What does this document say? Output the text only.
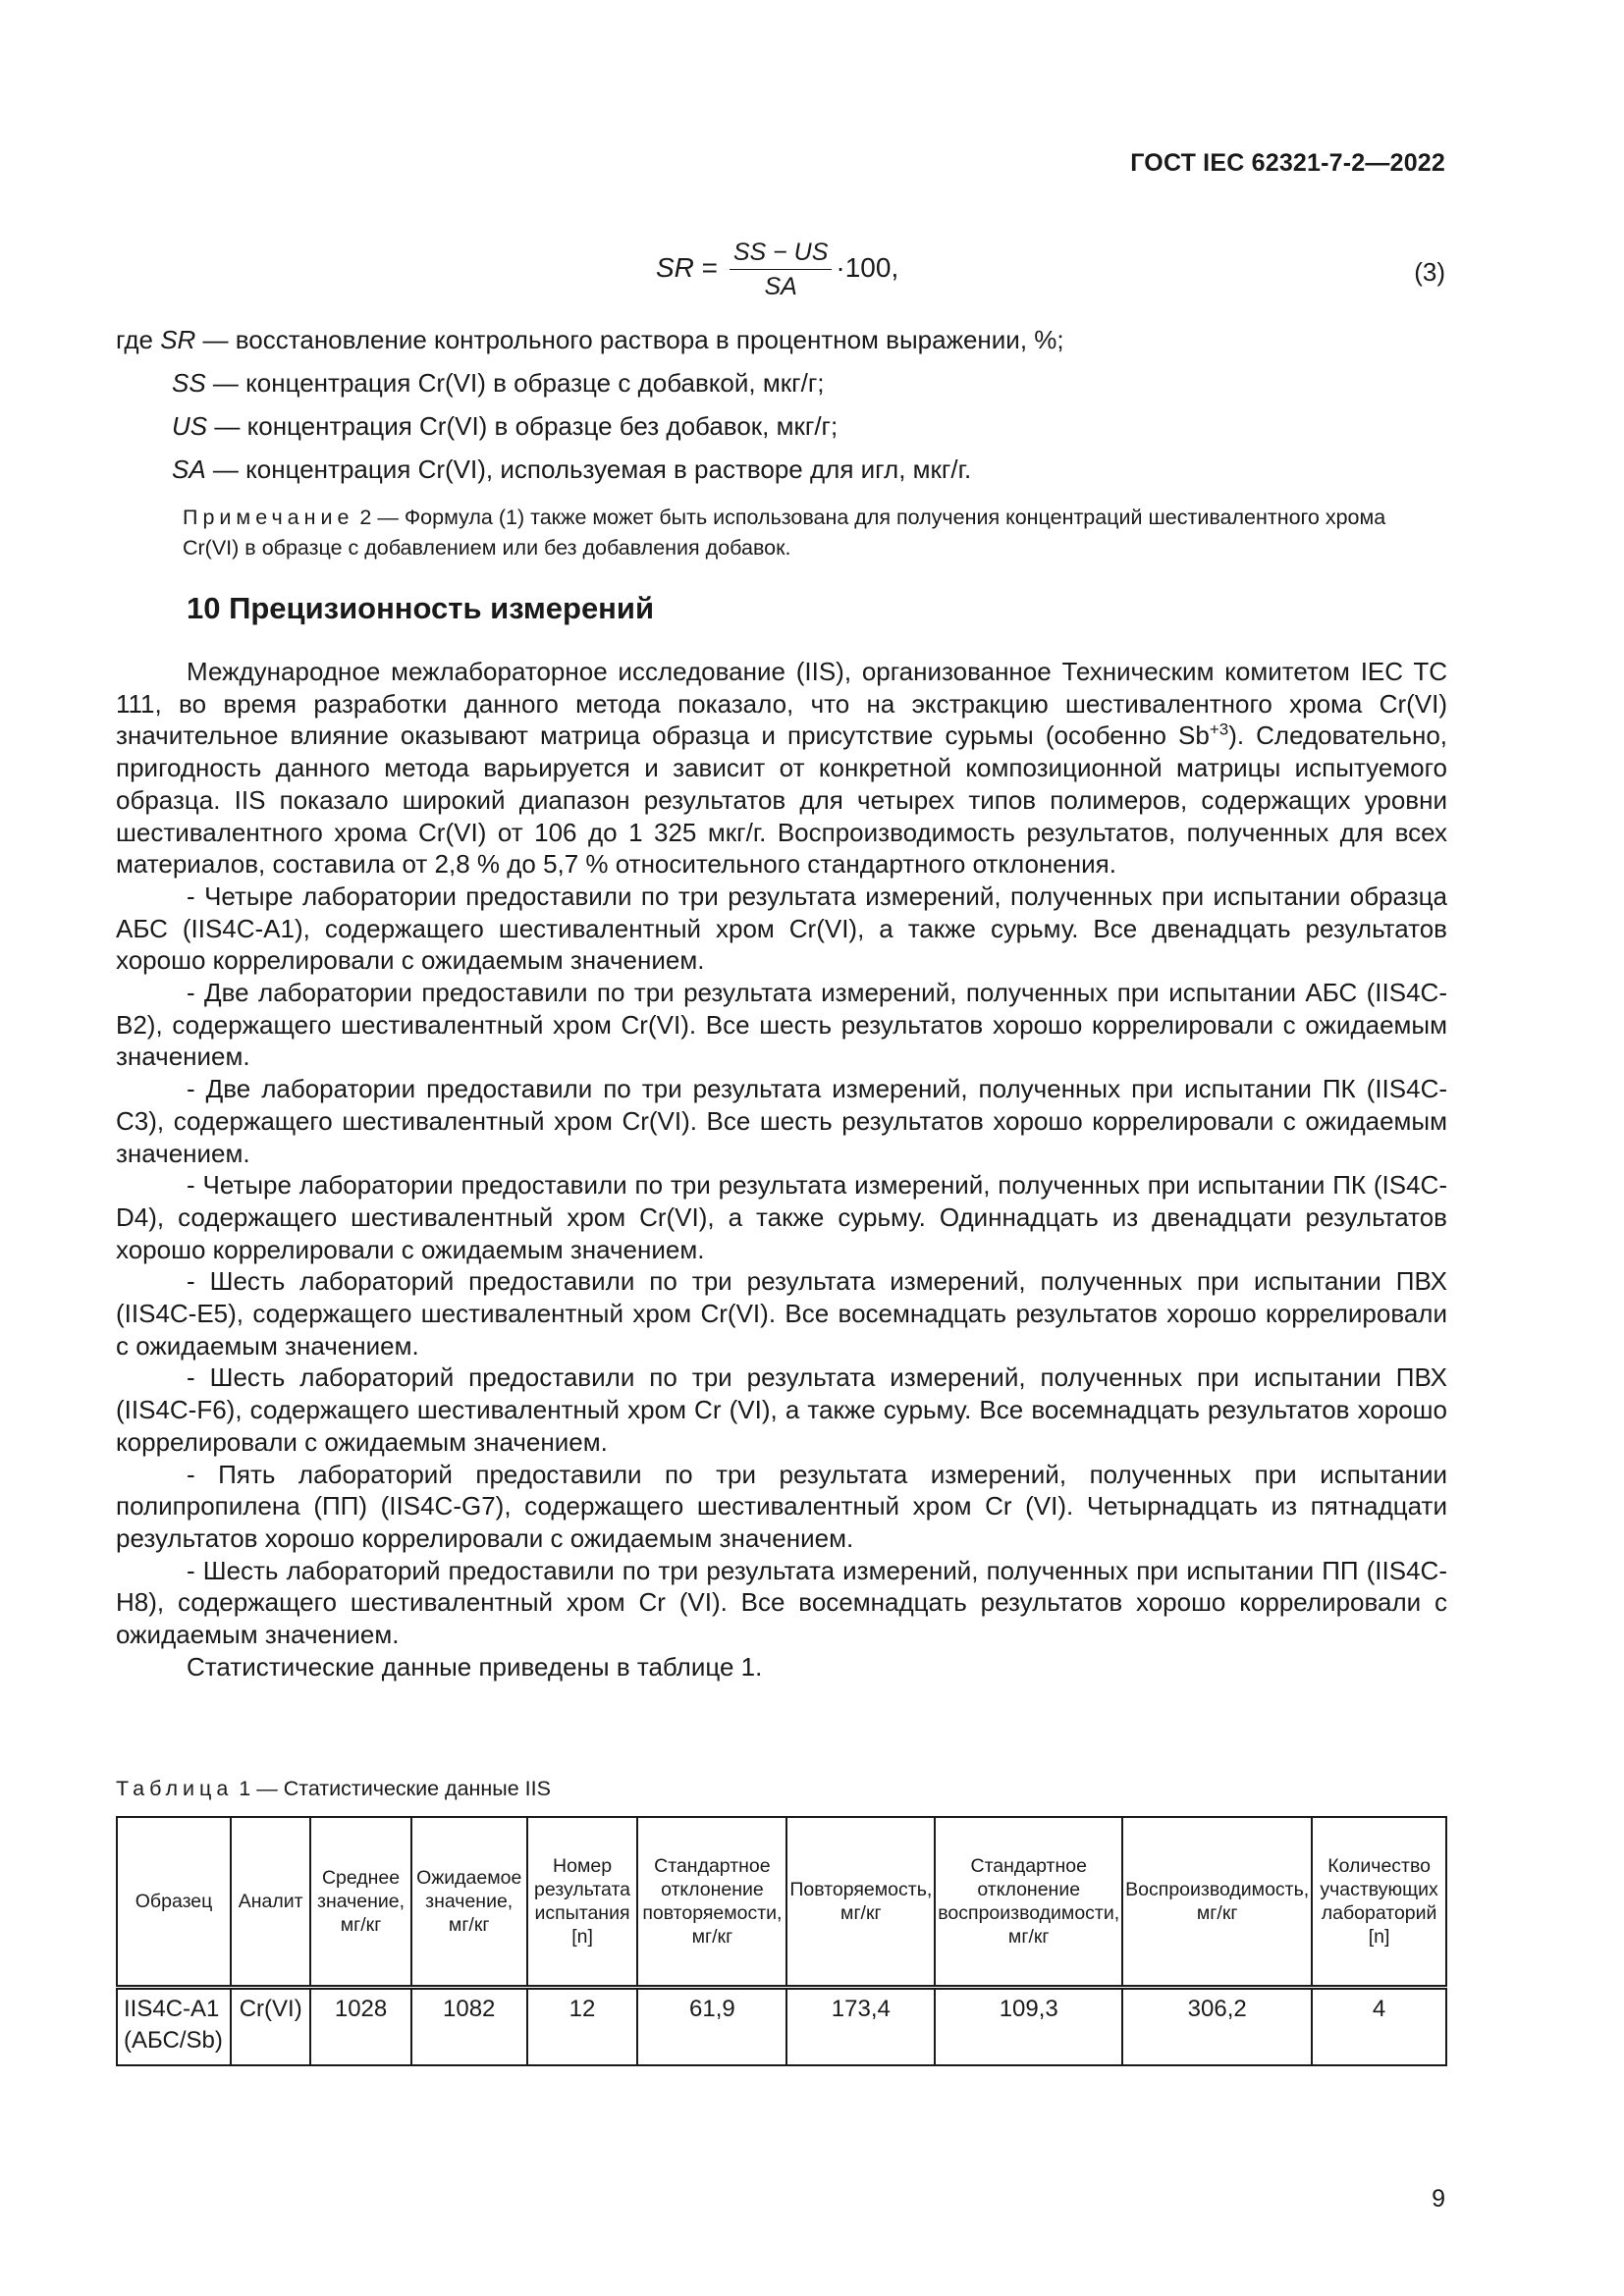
ГОСТ IEC 62321-7-2—2022
SR = $\frac{SS - US}{SA} \cdot 100$,	(3)
где SR — восстановление контрольного раствора в процентном выражении, %;
SS — концентрация Cr(VI) в образце с добавкой, мкг/г;
US — концентрация Cr(VI) в образце без добавок, мкг/г;
SA — концентрация Cr(VI), используемая в растворе для игл, мкг/г.
Примечание 2 — Формула (1) также может быть использована для получения концентраций шестивалентного хрома Cr(VI) в образце с добавлением или без добавления добавок.
10 Прецизионность измерений

Международное межлабораторное исследование (IIS), организованное Техническим комитетом IEC TC 111, во время разработки данного метода показало, что на экстракцию шестивалентного хрома Cr(VI) значительное влияние оказывают матрица образца и присутствие сурьмы (особенно $Sb^{+3}$). Следовательно, пригодность данного метода варьируется и зависит от конкретной композиционной матрицы испытуемого образца. IIS показало широкий диапазон результатов для четырех типов полимеров, содержащих уровни шестивалентного хрома Cr(VI) от 106 до 1 325 мкг/г. Воспроизводимость результатов, полученных для всех материалов, составила от 2,8 % до 5,7 % относительного стандартного отклонения.

- Четыре лаборатории предоставили по три результата измерений, полученных при испытании образца АБС (IIS4C-A1), содержащего шестивалентный хром Cr(VI), а также сурьму. Все двенадцать результатов хорошо коррелировали с ожидаемым значением.

- Две лаборатории предоставили по три результата измерений, полученных при испытании АБС (IIS4C-B2), содержащего шестивалентный хром Cr(VI). Все шесть результатов хорошо коррелировали с ожидаемым значением.

- Две лаборатории предоставили по три результата измерений, полученных при испытании ПК (IIS4C-C3), содержащего шестивалентный хром Cr(VI). Все шесть результатов хорошо коррелировали с ожидаемым значением.

- Четыре лаборатории предоставили по три результата измерений, полученных при испытании ПК (IS4C-D4), содержащего шестивалентный хром Cr(VI), а также сурьму. Одиннадцать из двенадцати результатов хорошо коррелировали с ожидаемым значением.

- Шесть лабораторий предоставили по три результата измерений, полученных при испытании ПВХ (IIS4C-E5), содержащего шестивалентный хром Cr(VI). Все восемнадцать результатов хорошо коррелировали с ожидаемым значением.

- Шесть лабораторий предоставили по три результата измерений, полученных при испытании ПВХ (IIS4C-F6), содержащего шестивалентный хром Cr (VI), а также сурьму. Все восемнадцать результатов хорошо коррелировали с ожидаемым значением.

- Пять лабораторий предоставили по три результата измерений, полученных при испытании полипропилена (ПП) (IIS4C-G7), содержащего шестивалентный хром Cr (VI). Четырнадцать из пятнадцати результатов хорошо коррелировали с ожидаемым значением.

- Шесть лабораторий предоставили по три результата измерений, полученных при испытании ПП (IIS4C-H8), содержащего шестивалентный хром Cr (VI). Все восемнадцать результатов хорошо коррелировали с ожидаемым значением.

Статистические данные приведены в таблице 1.

Таблица 1 — Статистические данные IIS
Образец	Аналит	Среднее значение, мг/кг	Ожидаемое значение, мг/кг	Номер результата испытания [n]	Стандартное отклонение повторяемости, мг/кг	Повторяемость, мг/кг	Стандартное отклонение воспроизводимости, мг/кг	Воспроизводимость, мг/кг	Количество участвующих лабораторий [n]
IIS4C-A1 (АБС/Sb)	Cr(VI)	1028	1082	12	61,9	173,4	109,3	306,2	4
9
